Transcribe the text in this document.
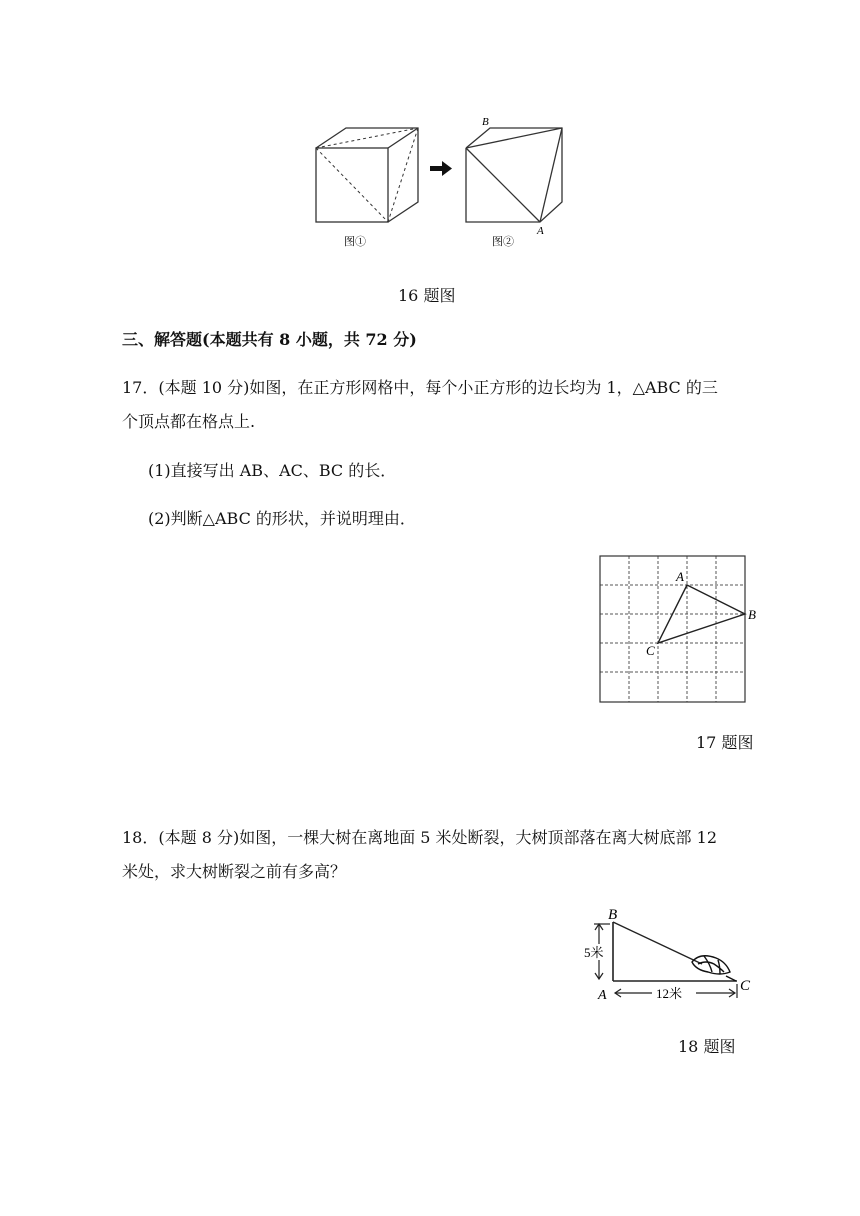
图①
B
A
图②
16 题图
三、解答题(本题共有 8 小题，共 72 分)
17．(本题 10 分)如图，在正方形网格中，每个小正方形的边长均为 1，△ABC 的三
个顶点都在格点上.
(1)直接写出 AB、AC、BC 的长．
(2)判断△ABC 的形状，并说明理由．
A
B
C
17 题图
18．(本题 8 分)如图，一棵大树在离地面 5 米处断裂，大树顶部落在离大树底部 12
米处，求大树断裂之前有多高？
5米
12米
B
A
C
18 题图
